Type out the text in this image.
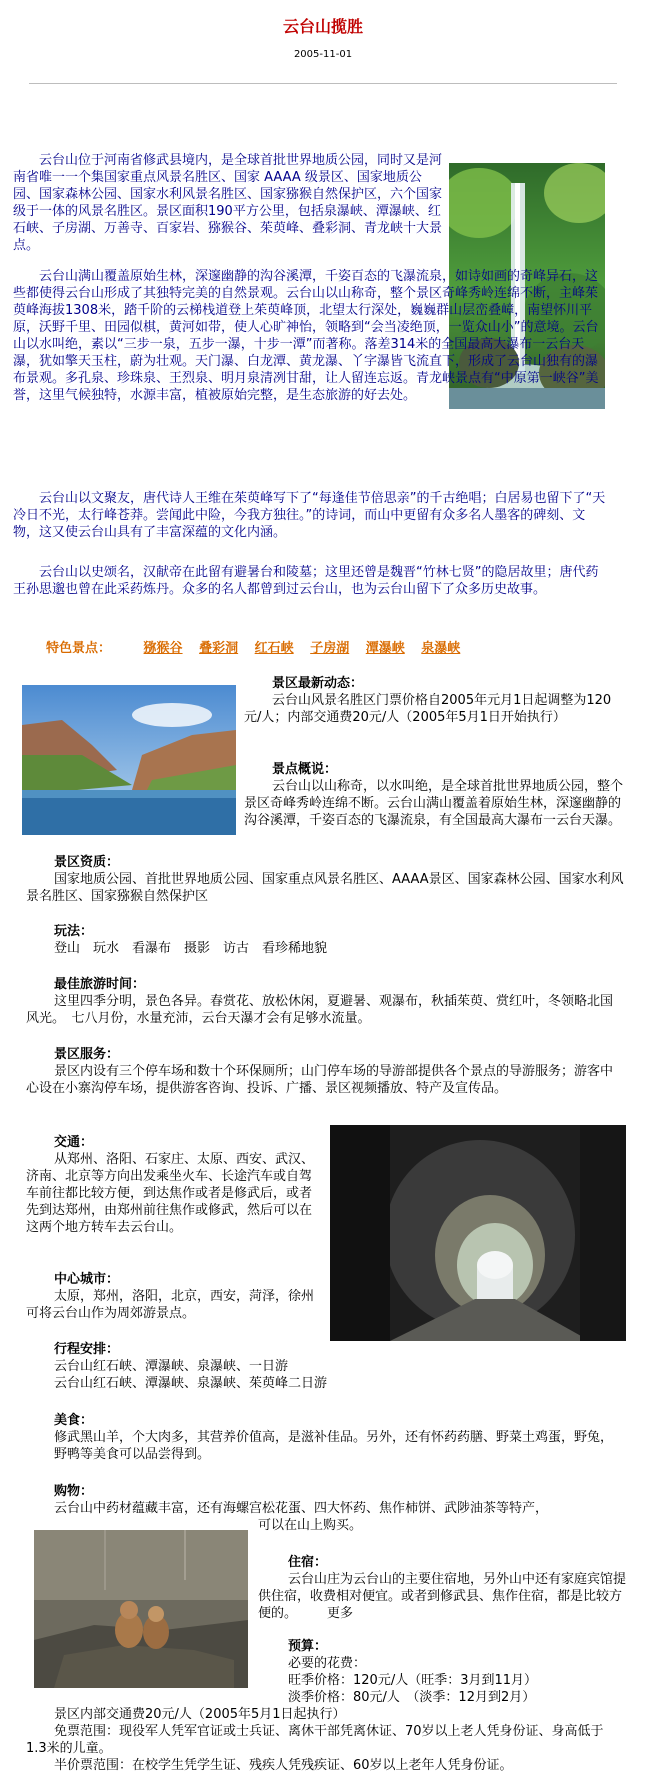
云台山揽胜
2005-11-01
云台山位于河南省修武县境内，是全球首批世界地质公园，同时又是河南省唯一一个集国家重点风景名胜区、国家 AAAA 级景区、国家地质公园、国家森林公园、国家水利风景名胜区、国家猕猴自然保护区，六个国家级于一体的风景名胜区。景区面积190平方公里，包括泉瀑峡、潭瀑峡、红石峡、子房湖、万善寺、百家岩、猕猴谷、茱萸峰、叠彩洞、青龙峡十大景点。
云台山满山覆盖原始生林，深邃幽静的沟谷溪潭，千姿百态的飞瀑流泉，如诗如画的奇峰异石，这些都使得云台山形成了其独特完美的自然景观。云台山以山称奇，整个景区奇峰秀岭连绵不断，主峰茱萸峰海拔1308米，踏千阶的云梯栈道登上茱萸峰顶，北望太行深处，巍巍群山层峦叠嶂，南望怀川平原，沃野千里、田园似棋，黄河如带，使人心旷神怡，领略到“会当凌绝顶，一览众山小”的意境。云台山以水叫绝，素以“三步一泉，五步一瀑，十步一潭”而著称。落差314米的全国最高大瀑布一云台天瀑，犹如擎天玉柱，蔚为壮观。天门瀑、白龙潭、黄龙瀑、丫字瀑皆飞流直下，形成了云台山独有的瀑布景观。多孔泉、珍珠泉、王烈泉、明月泉清冽甘甜，让人留连忘返。青龙峡景点有“中原第一峡谷”美誉，这里气候独特，水源丰富，植被原始完整，是生态旅游的好去处。
云台山以文聚友，唐代诗人王维在茱萸峰写下了“每逢佳节倍思亲”的千古绝唱；白居易也留下了“天冷日不光，太行峰苍莽。尝闻此中险，今我方独往。”的诗词，而山中更留有众多名人墨客的碑刻、文物，这又使云台山具有了丰富深蕴的文化内涵。
云台山以史颂名，汉献帝在此留有避暑台和陵墓；这里还曾是魏晋“竹林七贤”的隐居故里；唐代药王孙思邈也曾在此采药炼丹。众多的名人都曾到过云台山，也为云台山留下了众多历史故事。
特色景点：	猕猴谷 叠彩洞 红石峡 子房湖 潭瀑峡 泉瀑峡
景区最新动态：
云台山风景名胜区门票价格自2005年元月1日起调整为120元/人；内部交通费20元/人（2005年5月1日开始执行）
景点概说：
云台山以山称奇，以水叫绝，是全球首批世界地质公园，整个景区奇峰秀岭连绵不断。云台山满山覆盖着原始生林，深邃幽静的沟谷溪潭，千姿百态的飞瀑流泉，有全国最高大瀑布一云台天瀑。
景区资质：
国家地质公园、首批世界地质公园、国家重点风景名胜区、AAAA景区、国家森林公园、国家水利风景名胜区、国家猕猴自然保护区
玩法：
登山　玩水　看瀑布　摄影　访古　看珍稀地貌
最佳旅游时间：
这里四季分明，景色各异。春赏花、放松休闲，夏避暑、观瀑布，秋插茱萸、赏红叶，冬领略北国风光。　七八月份，水量充沛，云台天瀑才会有足够水流量。
景区服务：
景区内设有三个停车场和数十个环保厕所；山门停车场的导游部提供各个景点的导游服务；游客中心设在小寨沟停车场，提供游客咨询、投诉、广播、景区视频播放、特产及宣传品。
交通：
从郑州、洛阳、石家庄、太原、西安、武汉、济南、北京等方向出发乘坐火车、长途汽车或自驾车前往都比较方便，到达焦作或者是修武后，或者先到达郑州，由郑州前往焦作或修武，然后可以在这两个地方转车去云台山。
中心城市：
太原，郑州，洛阳，北京，西安，菏泽，徐州可将云台山作为周郊游景点。
行程安排：
云台山红石峡、潭瀑峡、泉瀑峡、一日游
云台山红石峡、潭瀑峡、泉瀑峡、茱萸峰二日游
美食：
修武黑山羊，个大肉多，其营养价值高，是滋补佳品。另外，还有怀药药膳、野菜土鸡蛋，野兔，野鸭等美食可以品尝得到。
购物：
云台山中药材蕴藏丰富，还有海螺宫松花蛋、四大怀药、焦作柿饼、武陟油茶等特产，
可以在山上购买。
住宿：
云台山庄为云台山的主要住宿地，另外山中还有家庭宾馆提供住宿，收费相对便宜。或者到修武县、焦作住宿，都是比较方便的。 更多
预算：
必要的花费：
旺季价格：120元/人（旺季：3月到11月）
淡季价格：80元/人　（淡季：12月到2月）
景区内部交通费20元/人（2005年5月1日起执行）
免票范围：现役军人凭军官证或士兵证、离休干部凭离休证、70岁以上老人凭身份证、身高低于1.3米的儿童。
半价票范围：在校学生凭学生证、残疾人凭残疾证、60岁以上老年人凭身份证。
